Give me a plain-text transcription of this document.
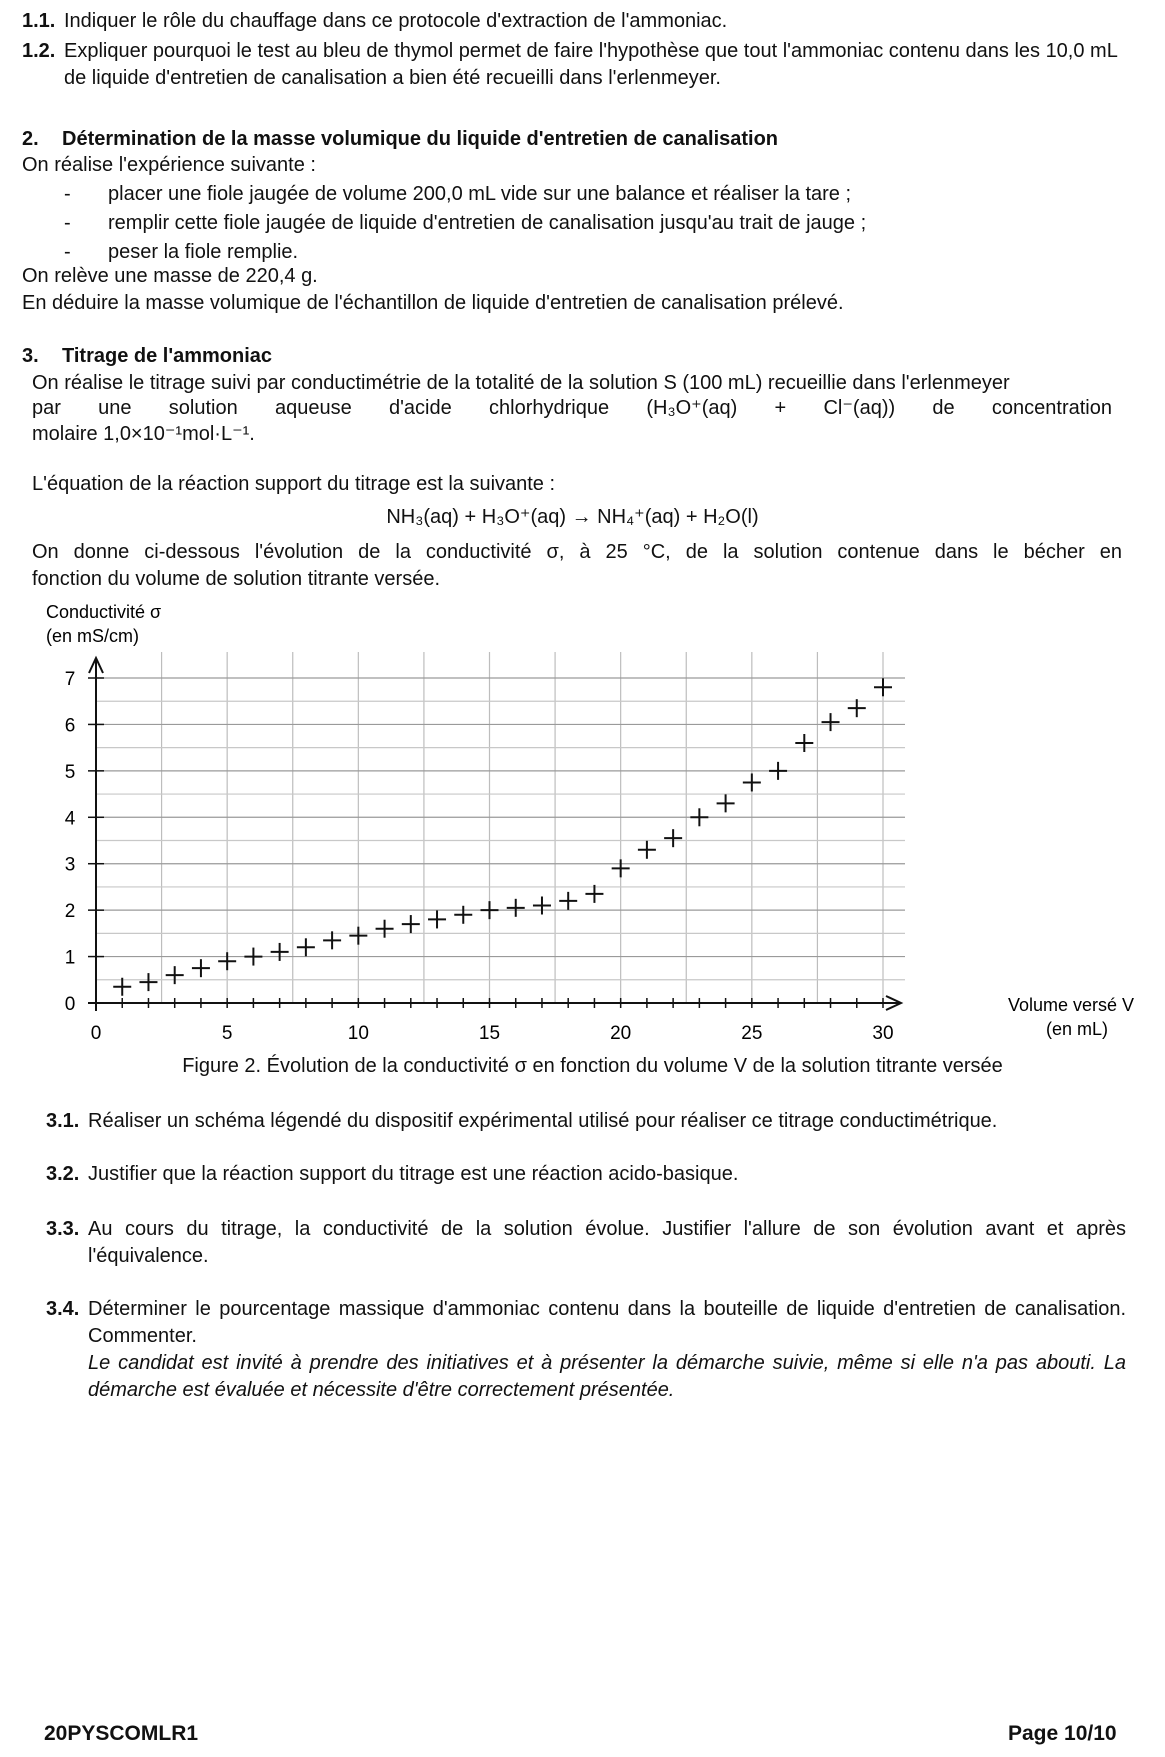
1.1. Indiquer le rôle du chauffage dans ce protocole d'extraction de l'ammoniac.
1.2. Expliquer pourquoi le test au bleu de thymol permet de faire l'hypothèse que tout l'ammoniac contenu dans les 10,0 mL de liquide d'entretien de canalisation a bien été recueilli dans l'erlenmeyer.
2. Détermination de la masse volumique du liquide d'entretien de canalisation
On réalise l'expérience suivante :
- placer une fiole jaugée de volume 200,0 mL vide sur une balance et réaliser la tare ;
- remplir cette fiole jaugée de liquide d'entretien de canalisation jusqu'au trait de jauge ;
- peser la fiole remplie.
On relève une masse de 220,4 g.
En déduire la masse volumique de l'échantillon de liquide d'entretien de canalisation prélevé.
3. Titrage de l'ammoniac
On réalise le titrage suivi par conductimétrie de la totalité de la solution S (100 mL) recueillie dans l'erlenmeyer
par une solution aqueuse d'acide chlorhydrique (H₃O⁺(aq) + Cl⁻(aq)) de concentration
molaire 1,0×10⁻¹mol·L⁻¹.
L'équation de la réaction support du titrage est la suivante :
NH₃(aq) + H₃O⁺(aq) → NH₄⁺(aq) + H₂O(l)
On donne ci-dessous l'évolution de la conductivité σ, à 25 °C, de la solution contenue dans le bécher en
fonction du volume de solution titrante versée.
0
1
2
3
4
5
6
7
0	5	10	15	20	25	30
Conductivité σ
(en mS/cm)
Volume versé V
(en mL)
Figure 2. Évolution de la conductivité σ en fonction du volume V de la solution titrante versée
3.1. Réaliser un schéma légendé du dispositif expérimental utilisé pour réaliser ce titrage conductimétrique.
3.2. Justifier que la réaction support du titrage est une réaction acido-basique.
3.3. Au cours du titrage, la conductivité de la solution évolue. Justifier l'allure de son évolution avant et après l'équivalence.
3.4. Déterminer le pourcentage massique d'ammoniac contenu dans la bouteille de liquide d'entretien de canalisation. Commenter.
Le candidat est invité à prendre des initiatives et à présenter la démarche suivie, même si elle n'a pas abouti. La démarche est évaluée et nécessite d'être correctement présentée.
20PYSCOMLR1	Page 10/10
